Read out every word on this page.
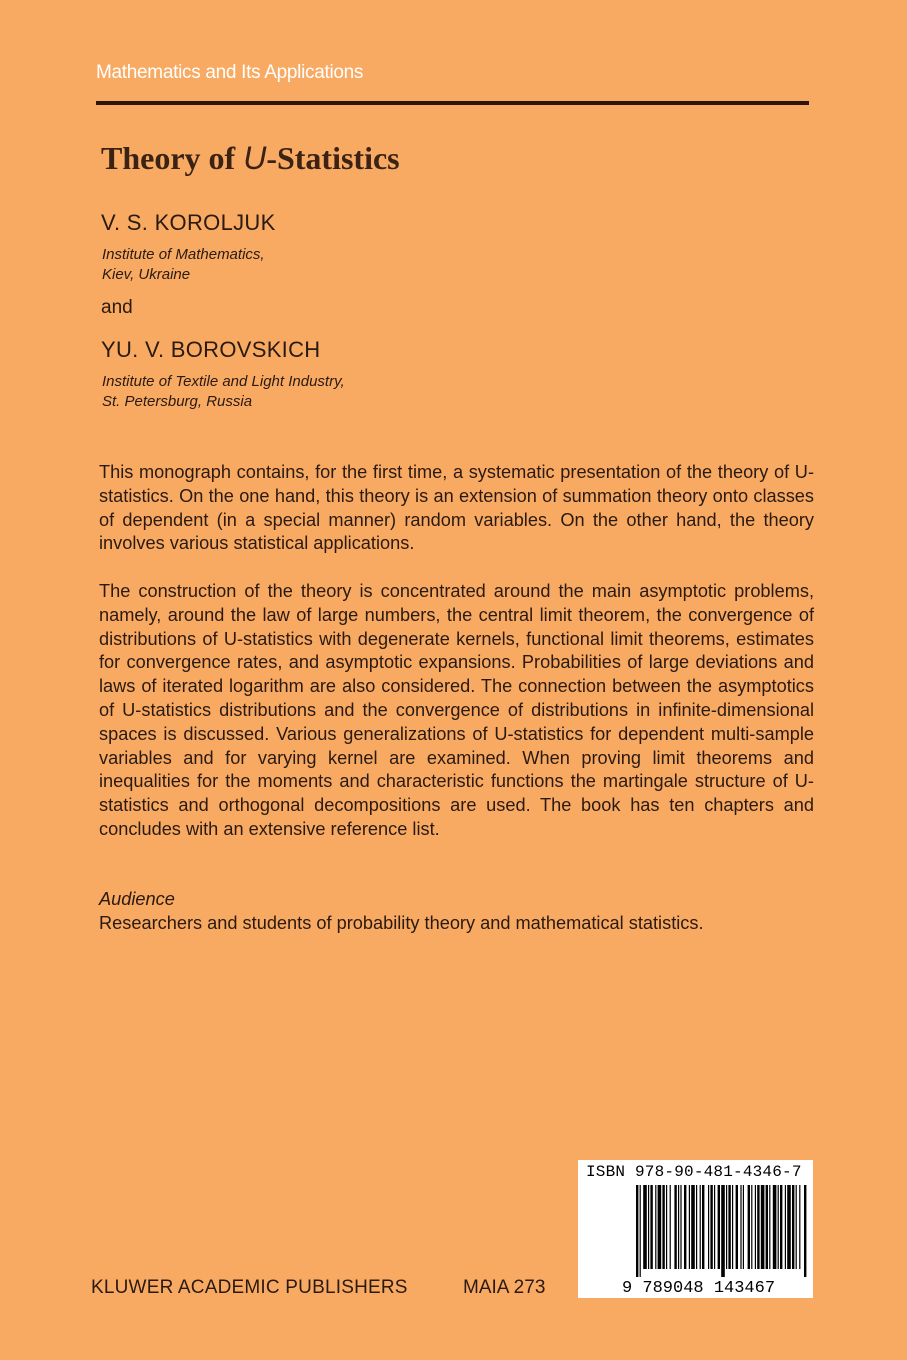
Mathematics and Its Applications
Theory of U-Statistics
V. S. KOROLJUK
Institute of Mathematics,
Kiev, Ukraine
and
YU. V. BOROVSKICH
Institute of Textile and Light Industry,
St. Petersburg, Russia

This monograph contains, for the first time, a systematic presentation of the theory of U-statistics. On the one hand, this theory is an extension of summation theory onto classes of dependent (in a special manner) random variables. On the other hand, the theory involves various statistical applications.

The construction of the theory is concentrated around the main asymptotic problems, namely, around the law of large numbers, the central limit theorem, the convergence of distributions of U-statistics with degenerate kernels, functional limit theorems, estimates for convergence rates, and asymptotic expansions. Probabilities of large deviations and laws of iterated logarithm are also considered. The connection between the asymptotics of U-statistics distributions and the convergence of distributions in infinite-dimensional spaces is discussed. Various generalizations of U-statistics for dependent multi-sample variables and for varying kernel are examined. When proving limit theorems and inequalities for the moments and characteristic functions the martingale structure of U-statistics and orthogonal decompositions are used. The book has ten chapters and concludes with an extensive reference list.

Audience
Researchers and students of probability theory and mathematical statistics.
ISBN 978-90-481-4346-7
9 789048 143467
KLUWER ACADEMIC PUBLISHERS	MAIA 273
